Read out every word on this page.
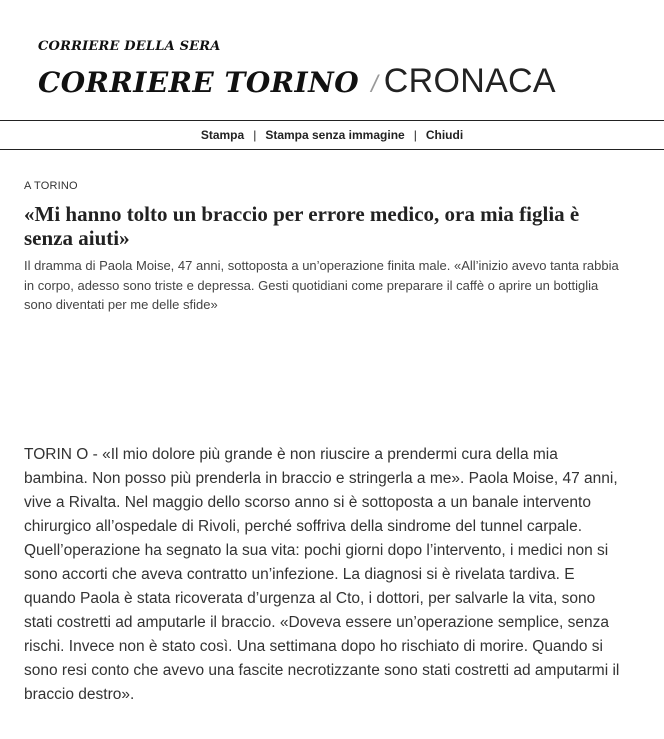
CORRIERE DELLA SERA
CORRIERE TORINO / CRONACA
Stampa | Stampa senza immagine | Chiudi
A TORINO
«Mi hanno tolto un braccio per errore medico, ora mia figlia è senza aiuti»

Il dramma di Paola Moise, 47 anni, sottoposta a un’operazione finita male. «All’inizio avevo tanta rabbia in corpo, adesso sono triste e depressa. Gesti quotidiani come preparare il caffè o aprire un bottiglia sono diventati per me delle sfide»

TORIN O - «Il mio dolore più grande è non riuscire a prendermi cura della mia bambina. Non posso più prenderla in braccio e stringerla a me». Paola Moise, 47 anni, vive a Rivalta. Nel maggio dello scorso anno si è sottoposta a un banale intervento chirurgico all’ospedale di Rivoli, perché soffriva della sindrome del tunnel carpale. Quell’operazione ha segnato la sua vita: pochi giorni dopo l’intervento, i medici non si sono accorti che aveva contratto un’infezione. La diagnosi si è rivelata tardiva. E quando Paola è stata ricoverata d’urgenza al Cto, i dottori, per salvarle la vita, sono stati costretti ad amputarle il braccio. «Doveva essere un’operazione semplice, senza rischi. Invece non è stato così. Una settimana dopo ho rischiato di morire. Quando si sono resi conto che avevo una fascite necrotizzante sono stati costretti ad amputarmi il braccio destro».
